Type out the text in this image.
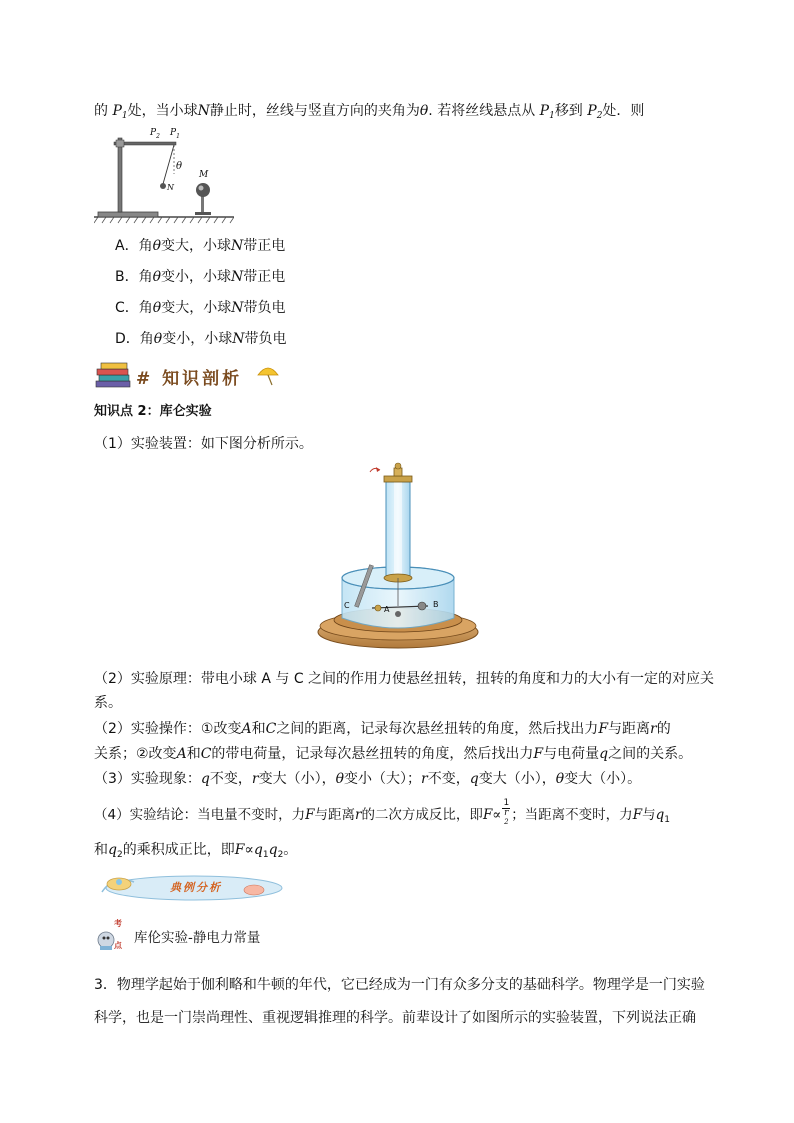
的 $P_1$处，当小球N静止时，丝线与竖直方向的夹角为θ. 若将丝线悬点从 $P_1$移到 $P_2$处．则
$P_2$ $P_1$
θ
N
M
A．角θ变大，小球N带正电
B．角θ变小，小球N带正电
C．角θ变大，小球N带负电
D．角θ变小，小球N带负电
# 知识剖析
知识点 2：库仑实验
（1）实验装置：如下图分析所示。
C	A
B
（2）实验原理：带电小球 A 与 C 之间的作用力使悬丝扭转，扭转的角度和力的大小有一定的对应关
系。
（2）实验操作：①改变A和C之间的距离，记录每次悬丝扭转的角度，然后找出力F与距离r的
关系；②改变A和C的带电荷量，记录每次悬丝扭转的角度，然后找出力F与电荷量q之间的关系。
（3）实验现象：q不变，r变大（小），θ变小（大）；r不变，q变大（小），θ变大（小）。
（4）实验结论：当电量不变时，力F与距离r的二次方成反比，即F∝ 1
r
$^2$ ；当距离不变时，力F与$q_1$
和$q_2$的乘积成正比，即$F\propto q_1q_2$。
典例分析
考
点 库伦实验-静电力常量
3．物理学起始于伽利略和牛顿的年代，它已经成为一门有众多分支的基础科学。物理学是一门实验
科学，也是一门崇尚理性、重视逻辑推理的科学。前辈设计了如图所示的实验装置，下列说法正确
